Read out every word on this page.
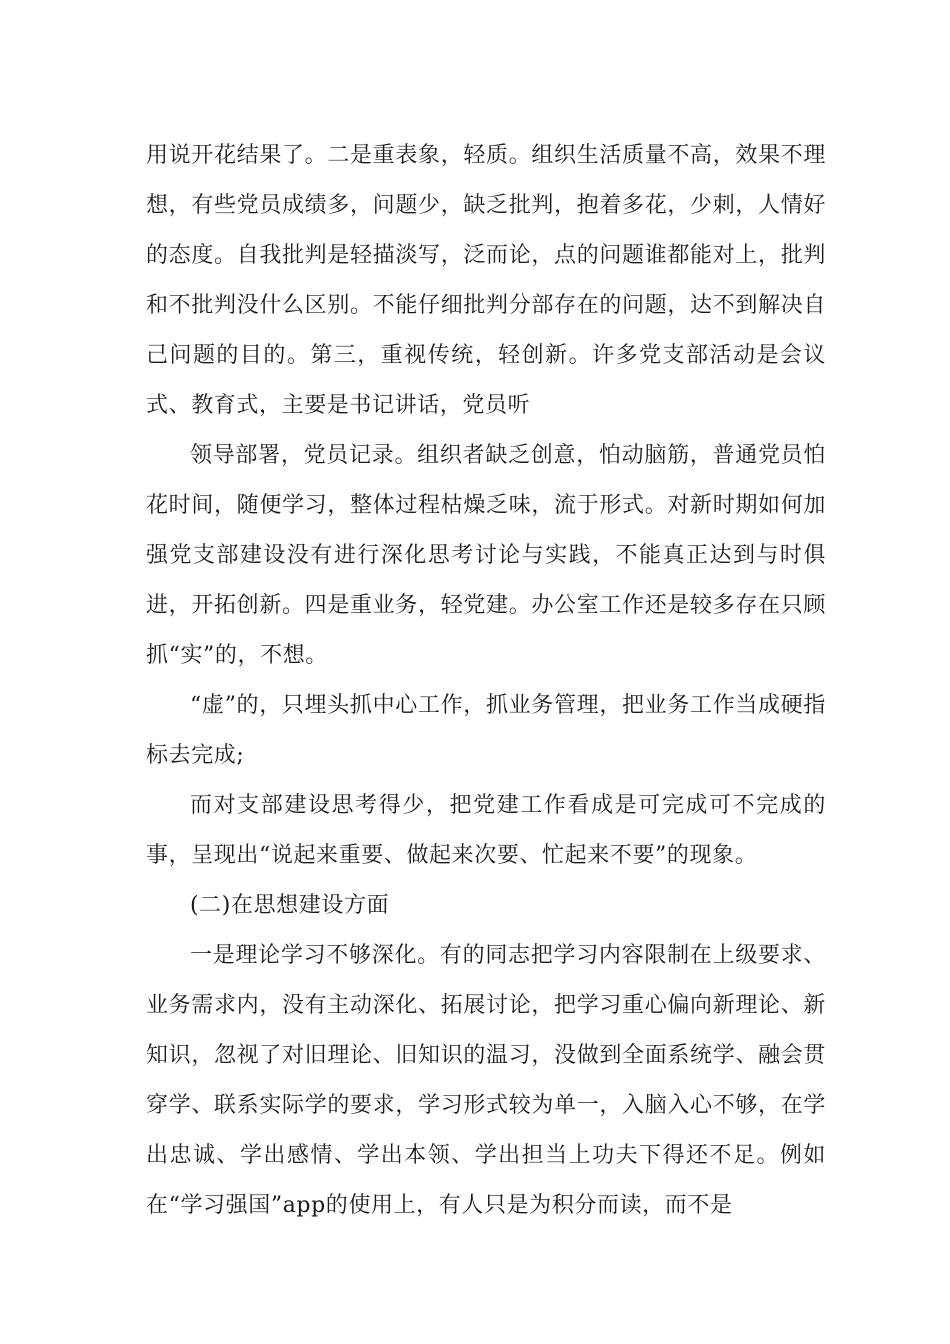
用说开花结果了。二是重表象，轻质。组织生活质量不高，效果不理想，有些党员成绩多，问题少，缺乏批判，抱着多花，少刺，人情好的态度。自我批判是轻描淡写，泛而论，点的问题谁都能对上，批判和不批判没什么区别。不能仔细批判分部存在的问题，达不到解决自己问题的目的。第三，重视传统，轻创新。许多党支部活动是会议式、教育式，主要是书记讲话，党员听

领导部署，党员记录。组织者缺乏创意，怕动脑筋，普通党员怕花时间，随便学习，整体过程枯燥乏味，流于形式。对新时期如何加强党支部建设没有进行深化思考讨论与实践，不能真正达到与时俱进，开拓创新。四是重业务，轻党建。办公室工作还是较多存在只顾抓“实”的，不想。

“虚”的，只埋头抓中心工作，抓业务管理，把业务工作当成硬指标去完成;

而对支部建设思考得少，把党建工作看成是可完成可不完成的事，呈现出“说起来重要、做起来次要、忙起来不要”的现象。

(二)在思想建设方面

一是理论学习不够深化。有的同志把学习内容限制在上级要求、业务需求内，没有主动深化、拓展讨论，把学习重心偏向新理论、新知识，忽视了对旧理论、旧知识的温习，没做到全面系统学、融会贯穿学、联系实际学的要求，学习形式较为单一，入脑入心不够，在学出忠诚、学出感情、学出本领、学出担当上功夫下得还不足。例如在“学习强国”app的使用上，有人只是为积分而读，而不是
